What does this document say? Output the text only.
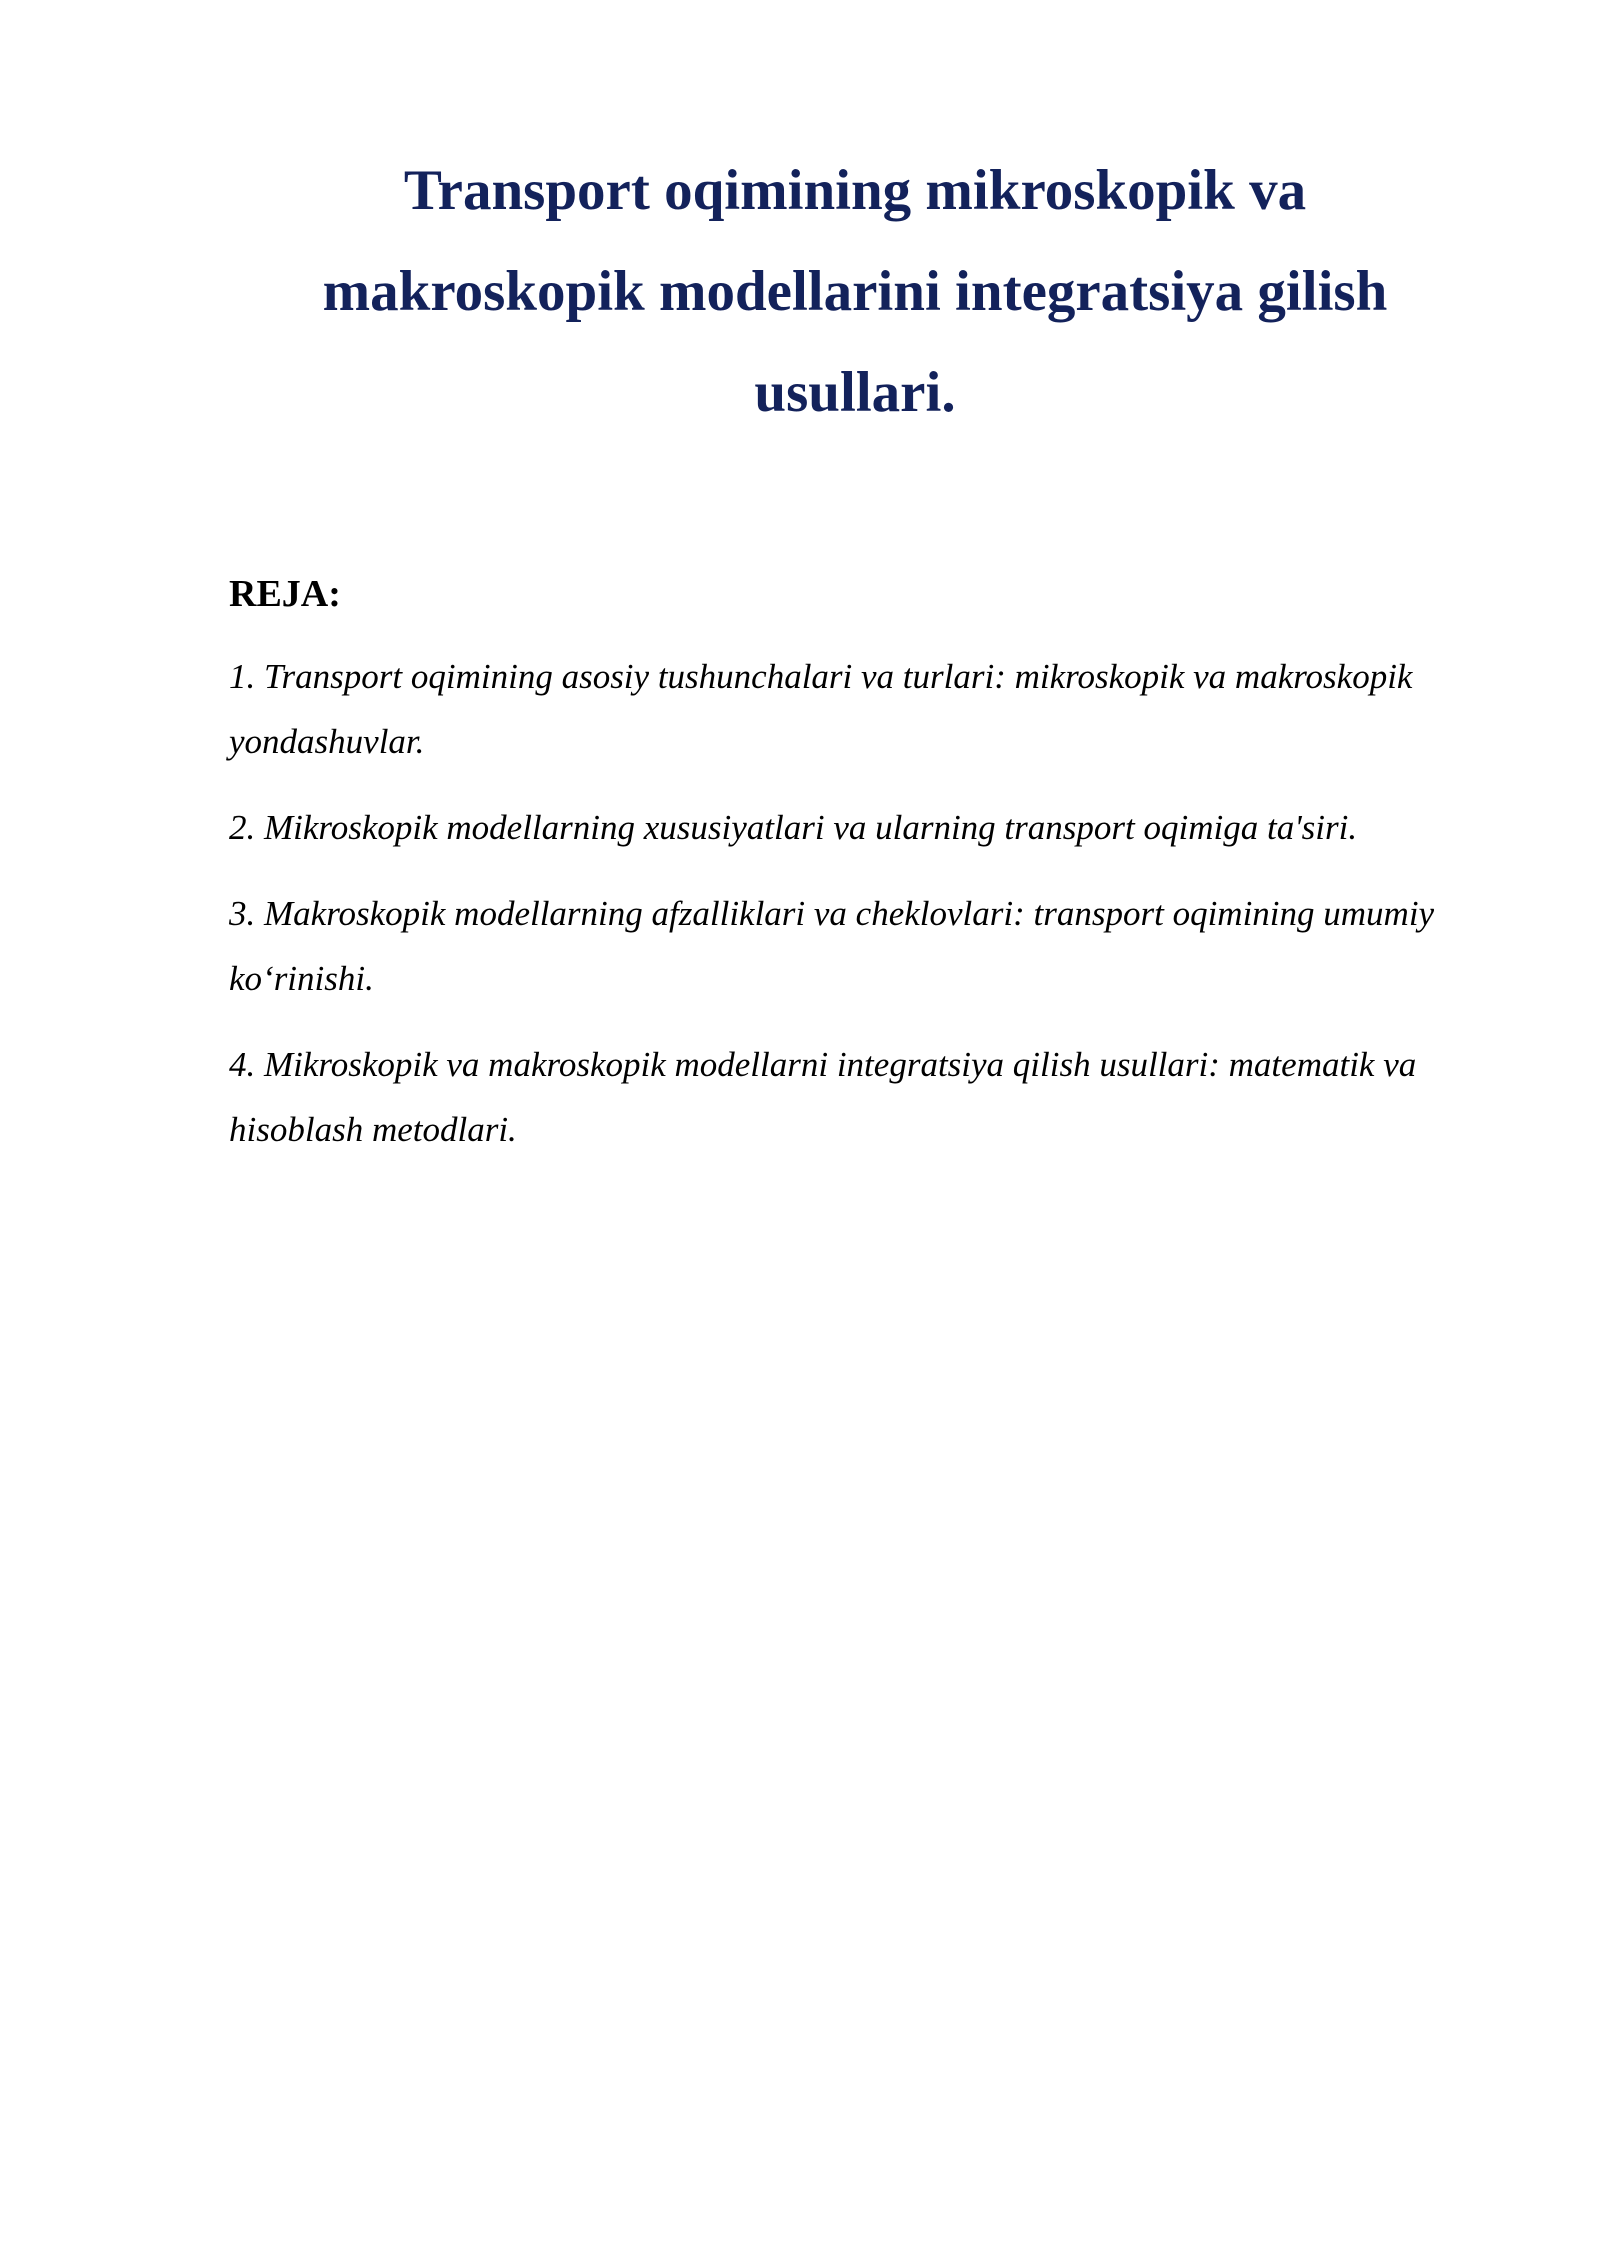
Transport oqimining mikroskopik va makroskopik modellarini integratsiya gilish usullari.
REJA:
1. Transport oqimining asosiy tushunchalari va turlari: mikroskopik va makroskopik yondashuvlar.
2. Mikroskopik modellarning xususiyatlari va ularning transport oqimiga ta'siri.
3. Makroskopik modellarning afzalliklari va cheklovlari: transport oqimining umumiy ko‘rinishi.
4. Mikroskopik va makroskopik modellarni integratsiya qilish usullari: matematik va hisoblash metodlari.
